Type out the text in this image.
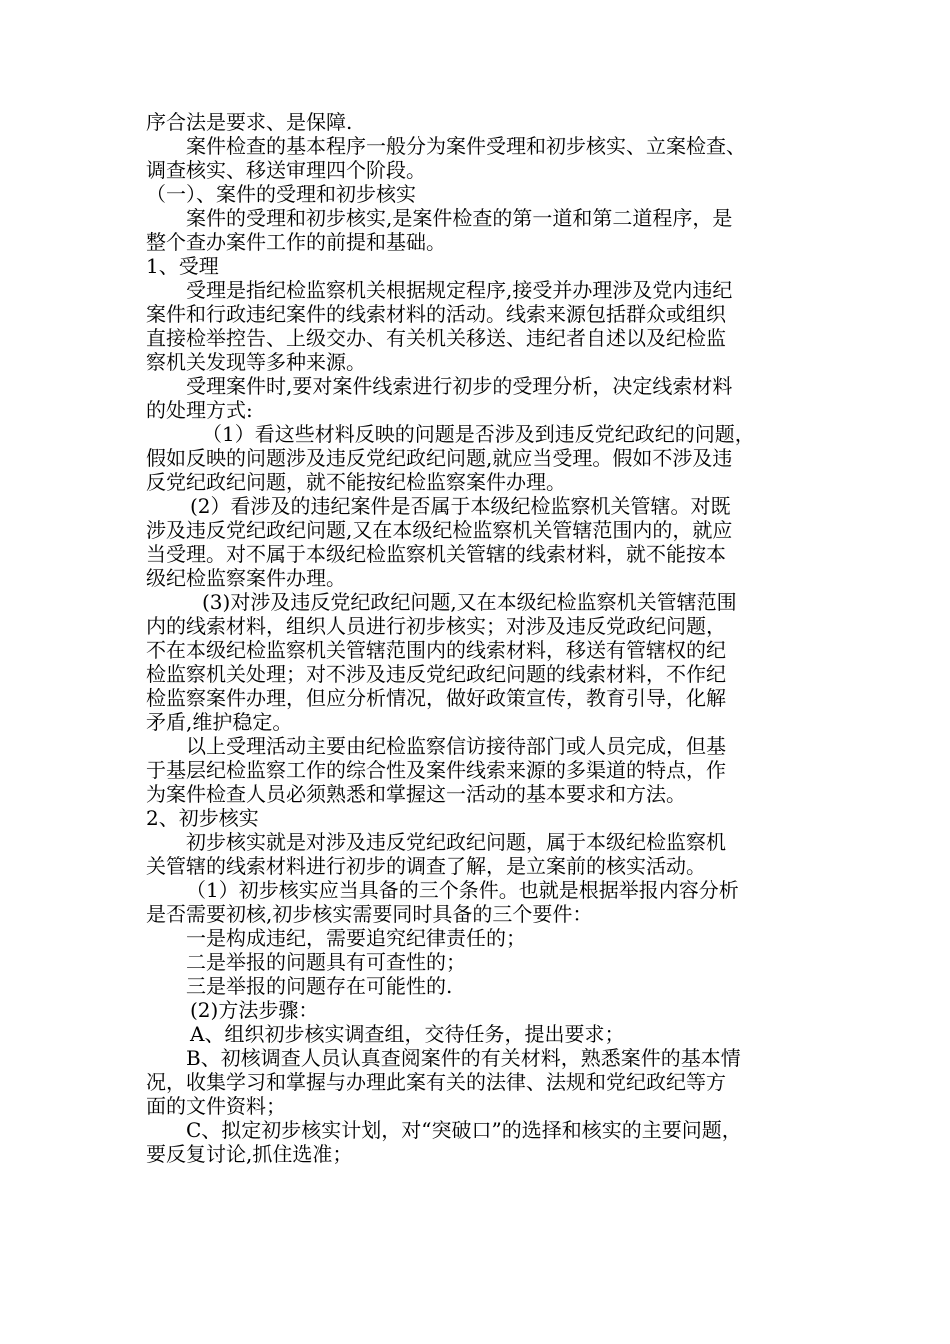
序合法是要求、是保障.
案件检查的基本程序一般分为案件受理和初步核实、立案检查、
调查核实、移送审理四个阶段。
（一）、案件的受理和初步核实
案件的受理和初步核实,是案件检查的第一道和第二道程序，是
整个查办案件工作的前提和基础。
1、受理
受理是指纪检监察机关根据规定程序,接受并办理涉及党内违纪
案件和行政违纪案件的线索材料的活动。线索来源包括群众或组织
直接检举控告、上级交办、有关机关移送、违纪者自述以及纪检监
察机关发现等多种来源。
受理案件时,要对案件线索进行初步的受理分析，决定线索材料
的处理方式:
（1）看这些材料反映的问题是否涉及到违反党纪政纪的问题，
假如反映的问题涉及违反党纪政纪问题,就应当受理。假如不涉及违
反党纪政纪问题，就不能按纪检监察案件办理。
(2）看涉及的违纪案件是否属于本级纪检监察机关管辖。对既
涉及违反党纪政纪问题,又在本级纪检监察机关管辖范围内的，就应
当受理。对不属于本级纪检监察机关管辖的线索材料，就不能按本
级纪检监察案件办理。
(3)对涉及违反党纪政纪问题,又在本级纪检监察机关管辖范围
内的线索材料，组织人员进行初步核实；对涉及违反党政纪问题，
不在本级纪检监察机关管辖范围内的线索材料，移送有管辖权的纪
检监察机关处理；对不涉及违反党纪政纪问题的线索材料，不作纪
检监察案件办理，但应分析情况，做好政策宣传，教育引导，化解
矛盾,维护稳定。
以上受理活动主要由纪检监察信访接待部门或人员完成，但基
于基层纪检监察工作的综合性及案件线索来源的多渠道的特点，作
为案件检查人员必须熟悉和掌握这一活动的基本要求和方法。
2、初步核实
初步核实就是对涉及违反党纪政纪问题，属于本级纪检监察机
关管辖的线索材料进行初步的调查了解，是立案前的核实活动。
（1）初步核实应当具备的三个条件。也就是根据举报内容分析
是否需要初核,初步核实需要同时具备的三个要件：
一是构成违纪，需要追究纪律责任的；
二是举报的问题具有可查性的；
三是举报的问题存在可能性的.
(2)方法步骤：
A、组织初步核实调查组，交待任务，提出要求；
B、初核调查人员认真查阅案件的有关材料，熟悉案件的基本情
况，收集学习和掌握与办理此案有关的法律、法规和党纪政纪等方
面的文件资料；
C、拟定初步核实计划，对“突破口”的选择和核实的主要问题，
要反复讨论,抓住选准；
